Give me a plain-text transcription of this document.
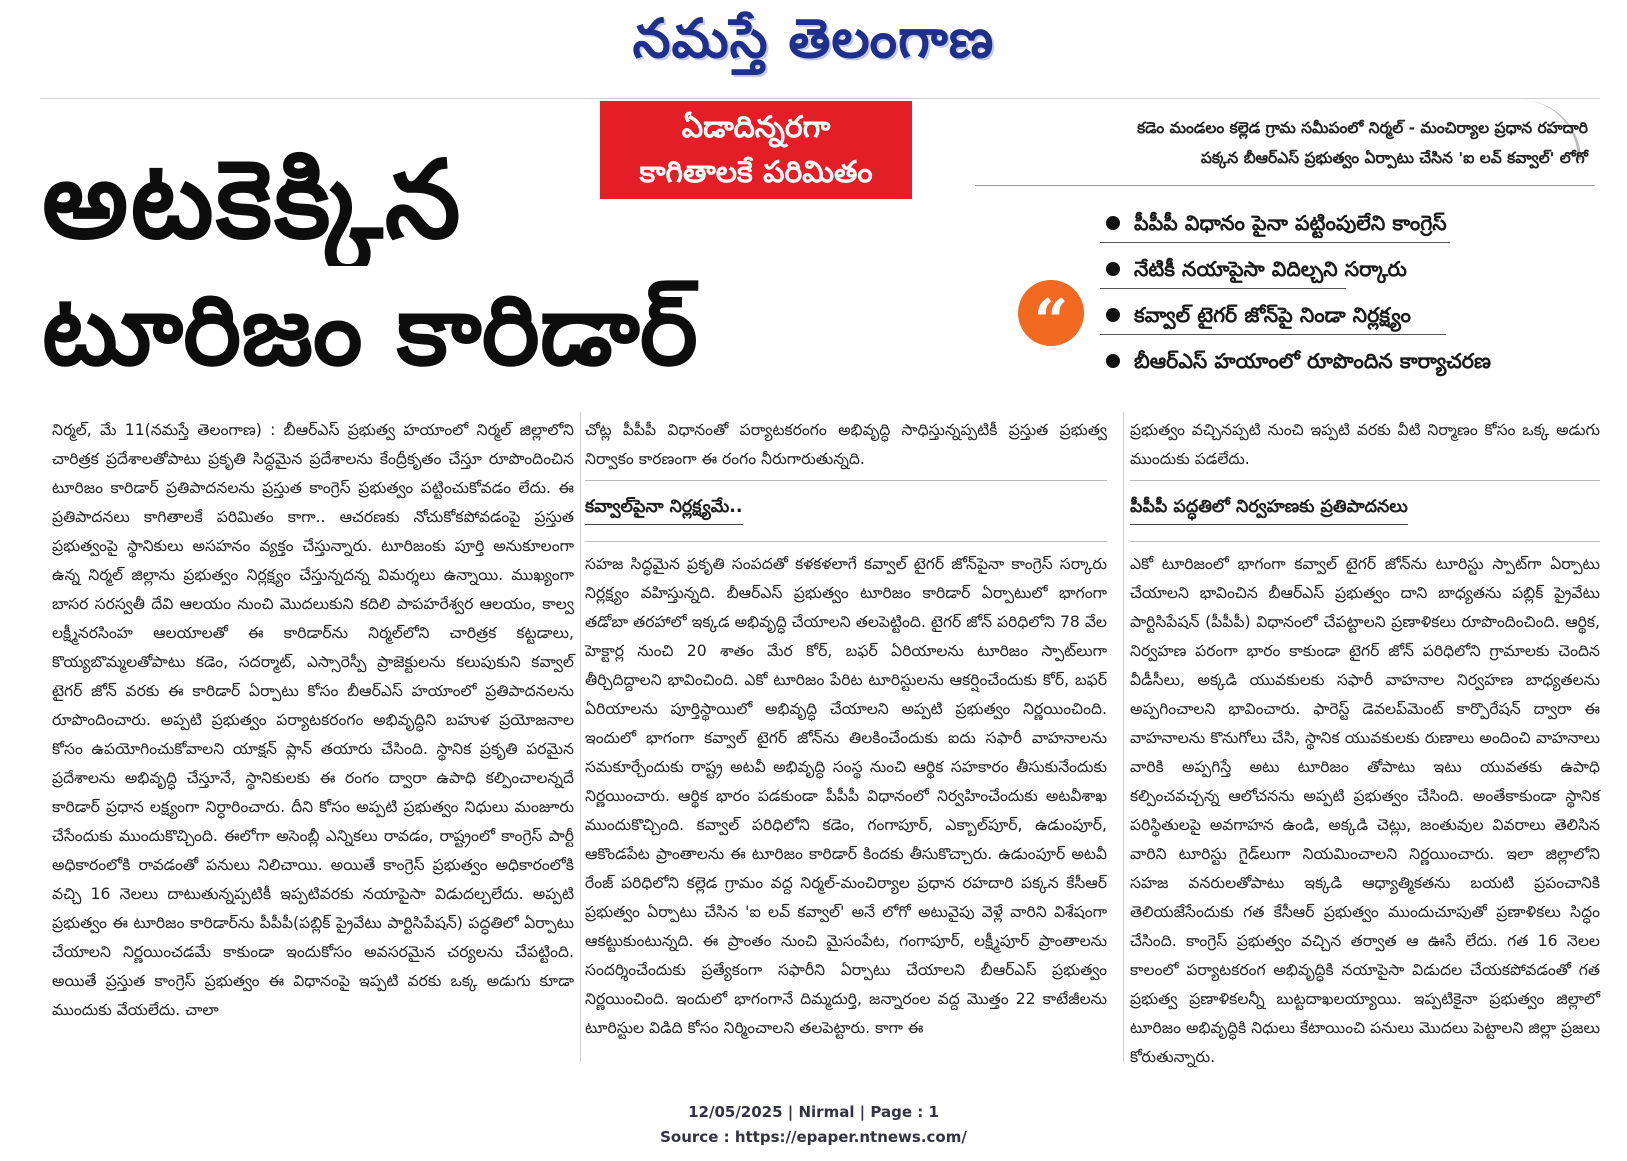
నమస్తే తెలంగాణ
ఏడాదిన్నరగా
కాగితాలకే పరిమితం
అటకెక్కిన
టూరిజం కారిడార్	“
కడెం మండలం కల్లెడ గ్రామ సమీపంలో నిర్మల్ - మంచిర్యాల ప్రధాన రహదారి
పక్కన బీఆర్ఎస్ ప్రభుత్వం ఏర్పాటు చేసిన 'ఐ లవ్ కవ్వాల్' లోగో
పీపీపీ విధానం పైనా పట్టింపులేని కాంగ్రెస్
నేటికీ నయాపైసా విదిల్చని సర్కారు
కవ్వాల్ టైగర్ జోన్‌పై నిండా నిర్లక్ష్యం
బీఆర్ఎస్ హయాంలో రూపొందిన కార్యాచరణ

నిర్మల్, మే 11(నమస్తే తెలంగాణ) : బీఆర్ఎస్ ప్రభుత్వ హయాంలో నిర్మల్ జిల్లాలోని చారిత్రక ప్రదేశాలతోపాటు ప్రకృతి సిద్ధమైన ప్రదేశాలను కేంద్రీకృతం చేస్తూ రూపొందించిన టూరిజం కారిడార్ ప్రతిపాదనలను ప్రస్తుత కాంగ్రెస్ ప్రభుత్వం పట్టించుకోవడం లేదు. ఈ ప్రతిపాదనలు కాగితాలకే పరిమితం కాగా.. ఆచరణకు నోచుకోకపోవడంపై ప్రస్తుత ప్రభుత్వంపై స్థానికులు అసహనం వ్యక్తం చేస్తున్నారు. టూరిజంకు పూర్తి అనుకూలంగా ఉన్న నిర్మల్ జిల్లాను ప్రభుత్వం నిర్లక్ష్యం చేస్తున్నదన్న విమర్శలు ఉన్నాయి. ముఖ్యంగా బాసర సరస్వతీ దేవి ఆలయం నుంచి మొదలుకుని కదిలి పాపహరేశ్వర ఆలయం, కాల్వ లక్ష్మీనరసింహ ఆలయాలతో ఈ కారిడార్‌ను నిర్మల్‌లోని చారిత్రక కట్టడాలు, కొయ్యబొమ్మలతోపాటు కడెం, సదర్మాట్, ఎస్సారెస్పీ ప్రాజెక్టులను కలుపుకుని కవ్వాల్ టైగర్ జోన్ వరకు ఈ కారిడార్ ఏర్పాటు కోసం బీఆర్ఎస్ హయాంలో ప్రతిపాదనలను రూపొందించారు. అప్పటి ప్రభుత్వం పర్యాటకరంగం అభివృద్ధిని బహుళ ప్రయోజనాల కోసం ఉపయోగించుకోవాలని యాక్షన్ ప్లాన్ తయారు చేసింది. స్థానిక ప్రకృతి పరమైన ప్రదేశాలను అభివృద్ధి చేస్తూనే, స్థానికులకు ఈ రంగం ద్వారా ఉపాధి కల్పించాలన్నదే కారిడార్ ప్రధాన లక్ష్యంగా నిర్ధారించారు. దీని కోసం అప్పటి ప్రభుత్వం నిధులు మంజూరు చేసేందుకు ముందుకొచ్చింది. ఈలోగా అసెంబ్లీ ఎన్నికలు రావడం, రాష్ట్రంలో కాంగ్రెస్ పార్టీ అధికారంలోకి రావడంతో పనులు నిలిచాయి. అయితే కాంగ్రెస్ ప్రభుత్వం అధికారంలోకి వచ్చి 16 నెలలు దాటుతున్నప్పటికీ ఇప్పటివరకు నయాపైసా విడుదల్చలేదు. అప్పటి ప్రభుత్వం ఈ టూరిజం కారిడార్‌ను పీపీపీ(పబ్లిక్ ప్రైవేటు పార్టిసిపేషన్) పద్ధతిలో ఏర్పాటు చేయాలని నిర్ణయించడమే కాకుండా ఇందుకోసం అవసరమైన చర్యలను చేపట్టింది. అయితే ప్రస్తుత కాంగ్రెస్ ప్రభుత్వం ఈ విధానంపై ఇప్పటి వరకు ఒక్క అడుగు కూడా ముందుకు వేయలేదు. చాలా

చోట్ల పీపీపీ విధానంతో పర్యాటకరంగం అభివృద్ధి సాధిస్తున్నప్పటికీ ప్రస్తుత ప్రభుత్వ నిర్వాకం కారణంగా ఈ రంగం నీరుగారుతున్నది.

కవ్వాల్‌పైనా నిర్లక్ష్యమే..

సహజ సిద్ధమైన ప్రకృతి సంపదతో కళకళలాగే కవ్వాల్ టైగర్ జోన్‌పైనా కాంగ్రెస్ సర్కారు నిర్లక్ష్యం వహిస్తున్నది. బీఆర్ఎస్ ప్రభుత్వం టూరిజం కారిడార్ ఏర్పాటులో భాగంగా తడోబా తరహాలో ఇక్కడ అభివృద్ధి చేయాలని తలపెట్టింది. టైగర్ జోన్ పరిధిలోని 78 వేల హెక్టార్ల నుంచి 20 శాతం మేర కోర్, బఫర్ ఏరియాలను టూరిజం స్పాట్‌లుగా తీర్చిదిద్దాలని భావించింది. ఎకో టూరిజం పేరిట టూరిస్టులను ఆకర్షించేందుకు కోర్, బఫర్ ఏరియాలను పూర్తిస్థాయిలో అభివృద్ధి చేయాలని అప్పటి ప్రభుత్వం నిర్ణయించింది. ఇందులో భాగంగా కవ్వాల్ టైగర్ జోన్‌ను తిలకించేందుకు ఐదు సఫారీ వాహనాలను సమకూర్చేందుకు రాష్ట్ర అటవీ అభివృద్ధి సంస్థ నుంచి ఆర్థిక సహకారం తీసుకునేందుకు నిర్ణయించారు. ఆర్థిక భారం పడకుండా పీపీపీ విధానంలో నిర్వహించేందుకు అటవీశాఖ ముందుకొచ్చింది. కవ్వాల్ పరిధిలోని కడెం, గంగాపూర్, ఎక్బాల్‌పూర్, ఉడుంపూర్, ఆకొండపేట ప్రాంతాలను ఈ టూరిజం కారిడార్ కిందకు తీసుకొచ్చారు. ఉడుంపూర్ అటవీ రేంజ్ పరిధిలోని కల్లెడ గ్రామం వద్ద నిర్మల్-మంచిర్యాల ప్రధాన రహదారి పక్కన కేసీఆర్ ప్రభుత్వం ఏర్పాటు చేసిన 'ఐ లవ్ కవ్వాల్' అనే లోగో అటువైపు వెళ్లే వారిని విశేషంగా ఆకట్టుకుంటున్నది. ఈ ప్రాంతం నుంచి మైసంపేట, గంగాపూర్, లక్ష్మీపూర్ ప్రాంతాలను సందర్శించేందుకు ప్రత్యేకంగా సఫారీని ఏర్పాటు చేయాలని బీఆర్ఎస్ ప్రభుత్వం నిర్ణయించింది. ఇందులో భాగంగానే దిమ్మదుర్తి, జన్నారంల వద్ద మొత్తం 22 కాటేజీలను టూరిస్టుల విడిది కోసం నిర్మించాలని తలపెట్టారు. కాగా ఈ

ప్రభుత్వం వచ్చినప్పటి నుంచి ఇప్పటి వరకు వీటి నిర్మాణం కోసం ఒక్క అడుగు ముందుకు పడలేదు.

పీపీపీ పద్ధతిలో నిర్వహణకు ప్రతిపాదనలు

ఎకో టూరిజంలో భాగంగా కవ్వాల్ టైగర్ జోన్‌ను టూరిస్టు స్పాట్‌గా ఏర్పాటు చేయాలని భావించిన బీఆర్ఎస్ ప్రభుత్వం దాని బాధ్యతను పబ్లిక్ ప్రైవేటు పార్టిసిపేషన్ (పీపీపీ) విధానంలో చేపట్టాలని ప్రణాళికలు రూపొందించింది. ఆర్థిక, నిర్వహణ పరంగా భారం కాకుండా టైగర్ జోన్ పరిధిలోని గ్రామాలకు చెందిన వీడీసీలు, అక్కడి యువకులకు సఫారీ వాహనాల నిర్వహణ బాధ్యతలను అప్పగించాలని భావించారు. ఫారెస్ట్ డెవలప్‌మెంట్ కార్పొరేషన్ ద్వారా ఈ వాహనాలను కొనుగోలు చేసి, స్థానిక యువకులకు రుణాలు అందించి వాహనాలు వారికి అప్పగిస్తే అటు టూరిజం తోపాటు ఇటు యువతకు ఉపాధి కల్పించవచ్చన్న ఆలోచనను అప్పటి ప్రభుత్వం చేసింది. అంతేకాకుండా స్థానిక పరిస్థితులపై అవగాహన ఉండి, అక్కడి చెట్లు, జంతువుల వివరాలు తెలిసిన వారిని టూరిస్టు గైడ్‌లుగా నియమించాలని నిర్ణయించారు. ఇలా జిల్లాలోని సహజ వనరులతోపాటు ఇక్కడి ఆధ్యాత్మికతను బయటి ప్రపంచానికి తెలియజేసేందుకు గత కేసీఆర్ ప్రభుత్వం ముందుచూపుతో ప్రణాళికలు సిద్ధం చేసింది. కాంగ్రెస్ ప్రభుత్వం వచ్చిన తర్వాత ఆ ఊసే లేదు. గత 16 నెలల కాలంలో పర్యాటకరంగ అభివృద్ధికి నయాపైసా విడుదల చేయకపోవడంతో గత ప్రభుత్వ ప్రణాళికలన్నీ బుట్టదాఖలయ్యాయి. ఇప్పటికైనా ప్రభుత్వం జిల్లాలో టూరిజం అభివృద్ధికి నిధులు కేటాయించి పనులు మొదలు పెట్టాలని జిల్లా ప్రజలు కోరుతున్నారు.

12/05/2025 | Nirmal | Page : 1
Source : https://epaper.ntnews.com/
